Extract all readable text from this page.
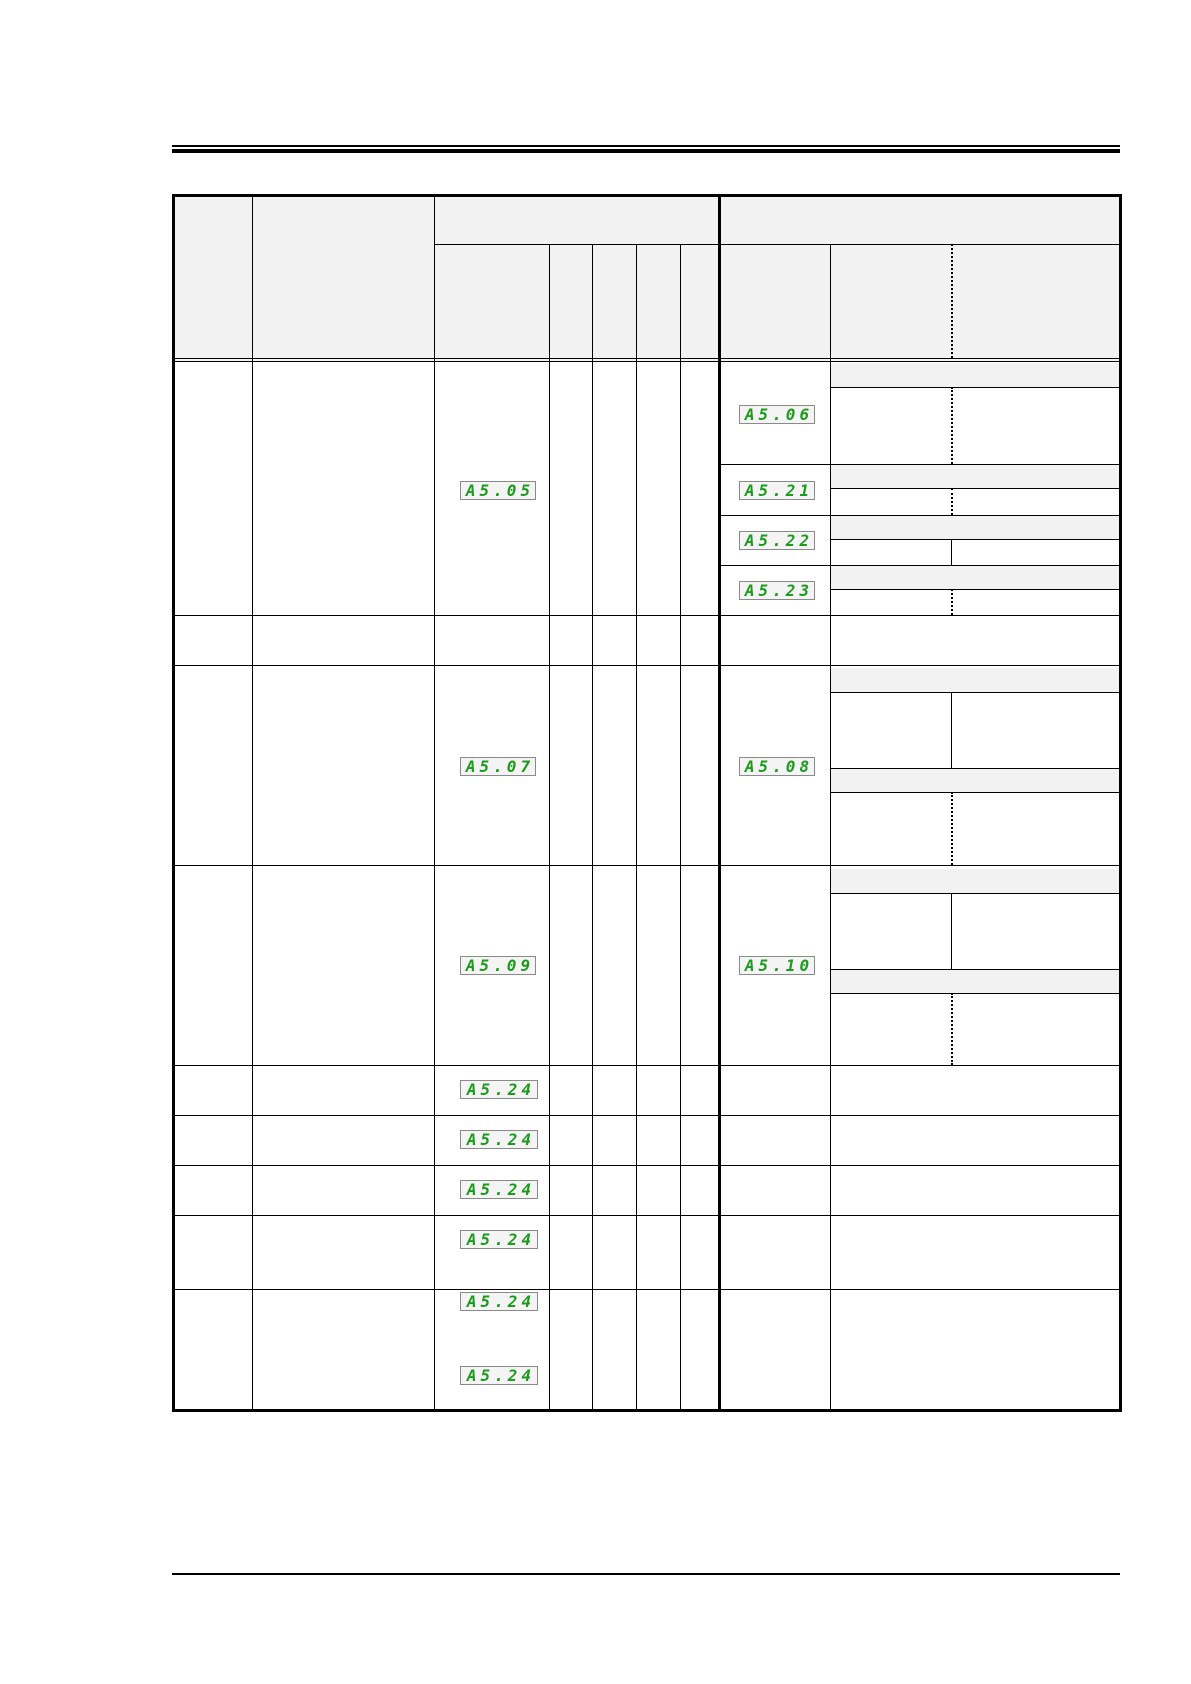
A5.05
A5.06
A5.21
A5.22
A5.23
A5.07	A5.08
A5.09	A5.10
A5.24
A5.24
A5.24
A5.24
A5.24
A5.24
